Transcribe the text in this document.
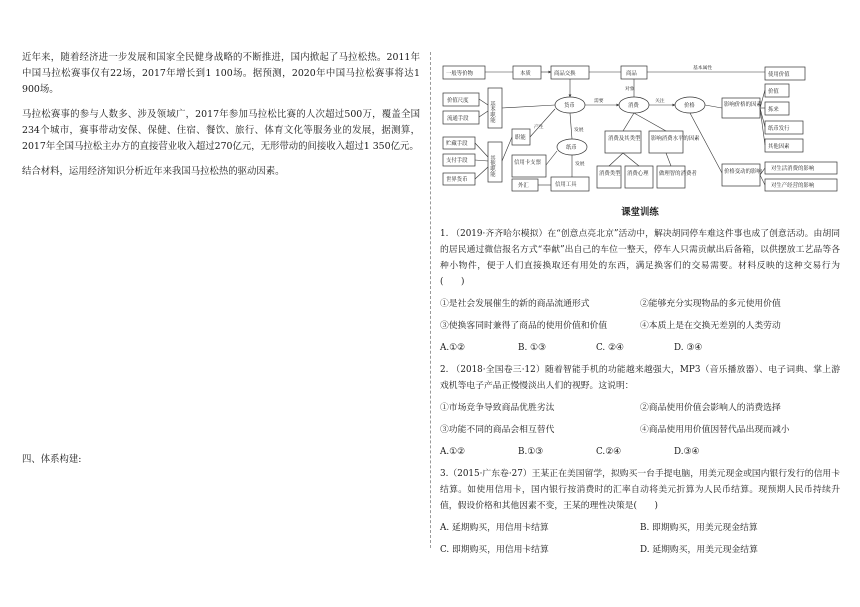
近年来，随着经济进一步发展和国家全民健身战略的不断推进，国内掀起了马拉松热。2011年中国马拉松赛事仅有22场，2017年增长到1 100场。据预测，2020年中国马拉松赛事将达1 900场。

马拉松赛事的参与人数多、涉及领域广，2017年参加马拉松比赛的人次超过500万，覆盖全国234个城市，赛事带动安保、保健、住宿、餐饮、旅行、体育文化等服务业的发展，据测算，2017年全国马拉松主办方的直接营业收入超过270亿元，无形带动的间接收入超过1 350亿元。

结合材料，运用经济知识分析近年来我国马拉松热的驱动因素。

四、体系构建:
一般等价物	本质
价值尺度
流通手段	基本职能
贮藏手段
支付手段
世界货币
其他职能
职能
信用卡支票
外汇	信用工具
商品交换	商品
货币	消费	价格
纸币
消费及其类型 影响消费水平的因素
消费类型 消费心理 做理智的消费者
影响价格的因素
价格变动的影响
使用价值
价值
拣来
纸币发行
其他因素
对生活消费的影响
对生产经营的影响
基本属性
需要
对象
关注
发展
产生
发展
课堂训练

1. （2019·齐齐哈尔模拟）在“创意点亮北京”活动中，解决胡同停车难这件事也成了创意活动。由胡同的居民通过微信报名方式“奉献”出自己的车位一整天，停车人只需贡献出后备箱，以供摆放工艺品等各种小物件，便于人们直接换取还有用处的东西，满足换客们的交易需要。材料反映的这种交易行为(　　)

①是社会发展催生的新的商品流通形式	②能够充分实现物品的多元使用价值
③使换客同时兼得了商品的使用价值和价值	④本质上是在交换无差别的人类劳动
A.①②	B. ①③	C. ②④	D. ③④

2. （2018·全国卷三·12）随着智能手机的功能越来越强大，MP3（音乐播放器）、电子词典、掌上游戏机等电子产品正慢慢淡出人们的视野。这说明：

①市场竞争导致商品优胜劣汰	②商品使用价值会影响人的消费选择
③功能不同的商品会相互替代	④商品使用用价值因替代品出现而减小
A.①②	B.①③	C.②④	D.③④

3.（2015·广东卷·27）王某正在美国留学，拟购买一台手提电脑，用美元现金或国内银行发行的信用卡结算。如使用信用卡，国内银行按消费时的汇率自动将美元折算为人民币结算。现预期人民币持续升值，假设价格和其他因素不变，王某的理性决策是(　　)

A. 延期购买，用信用卡结算	B. 即期购买，用美元现金结算
C. 即期购买，用信用卡结算	D. 延期购买，用美元现金结算
